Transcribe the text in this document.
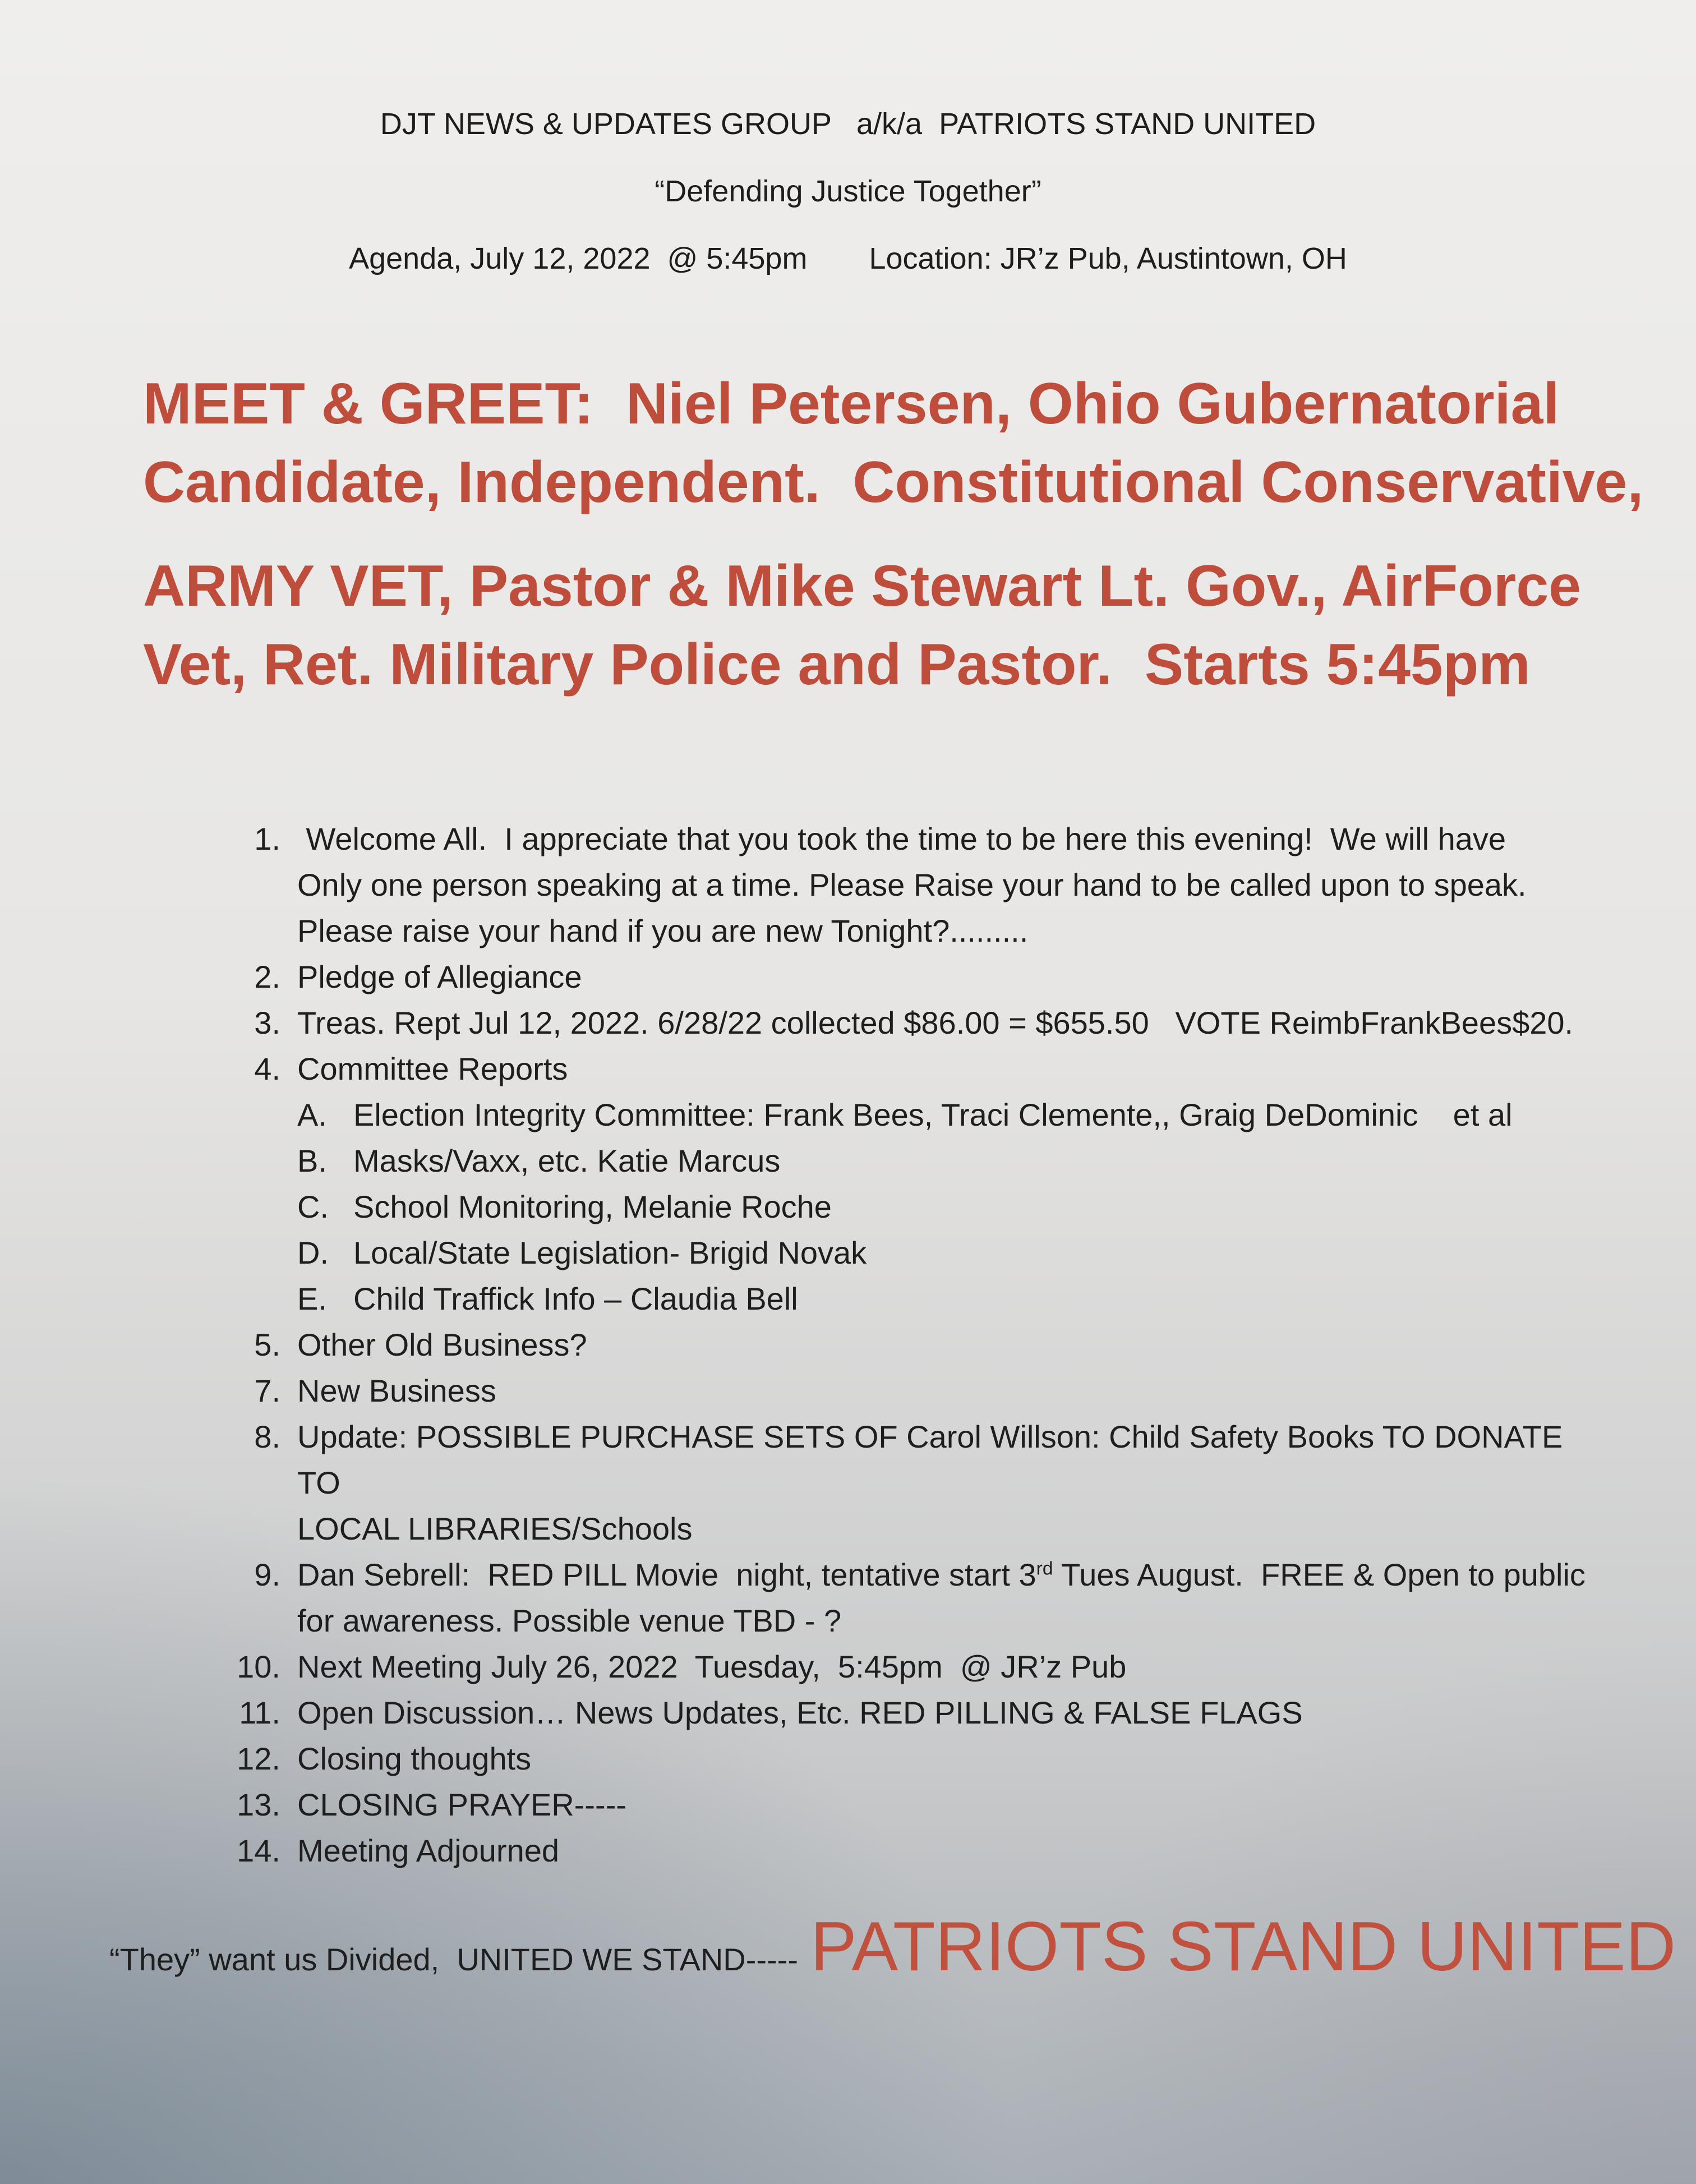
DJT NEWS & UPDATES GROUP   a/k/a  PATRIOTS STAND UNITED
“Defending Justice Together”
Agenda, July 12, 2022  @ 5:45pm Location: JR’z Pub, Austintown, OH
MEET & GREET:  Niel Petersen, Ohio Gubernatorial
Candidate, Independent.  Constitutional Conservative,
ARMY VET, Pastor & Mike Stewart Lt. Gov., AirForce
Vet, Ret. Military Police and Pastor.  Starts 5:45pm
1. Welcome All.  I appreciate that you took the time to be here this evening!  We will have
Only one person speaking at a time. Please Raise your hand to be called upon to speak.
Please raise your hand if you are new Tonight?.........
2. Pledge of Allegiance
3. Treas. Rept Jul 12, 2022. 6/28/22 collected $86.00 = $655.50   VOTE ReimbFrankBees$20.
4. Committee Reports
A. Election Integrity Committee: Frank Bees, Traci Clemente,, Graig DeDominic    et al
B. Masks/Vaxx, etc. Katie Marcus
C. School Monitoring, Melanie Roche
D. Local/State Legislation- Brigid Novak
E. Child Traffick Info – Claudia Bell
5. Other Old Business?
7. New Business
8. Update: POSSIBLE PURCHASE SETS OF Carol Willson: Child Safety Books TO DONATE TO
LOCAL LIBRARIES/Schools
9. Dan Sebrell:  RED PILL Movie  night, tentative start 3rd Tues August.  FREE & Open to public
for awareness. Possible venue TBD - ?
10. Next Meeting July 26, 2022  Tuesday,  5:45pm  @ JR’z Pub
11. Open Discussion… News Updates, Etc. RED PILLING & FALSE FLAGS
12. Closing thoughts
13. CLOSING PRAYER-----
14. Meeting Adjourned
“They” want us Divided,  UNITED WE STAND----- PATRIOTS STAND UNITED
